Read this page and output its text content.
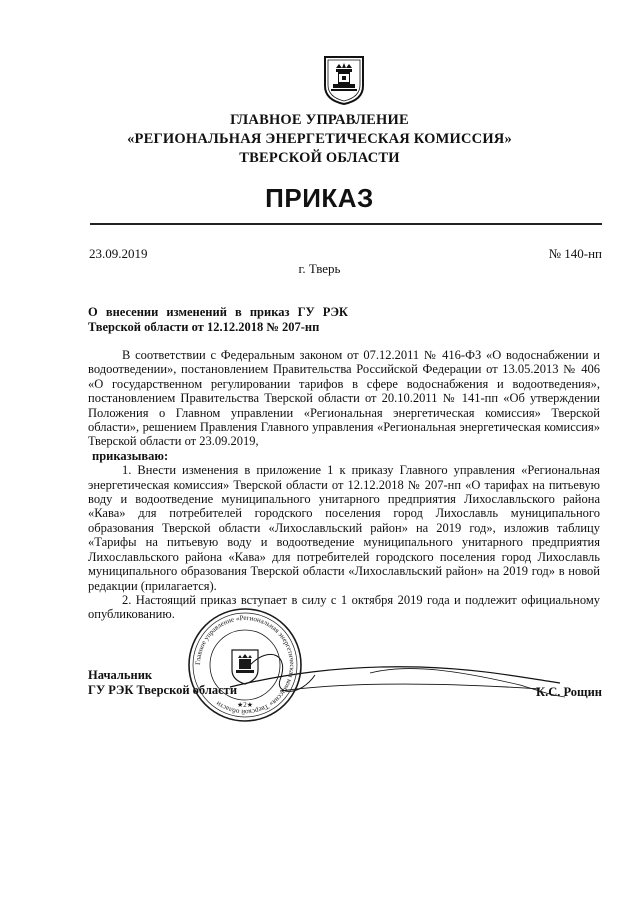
ГЛАВНОЕ УПРАВЛЕНИЕ
«РЕГИОНАЛЬНАЯ ЭНЕРГЕТИЧЕСКАЯ КОМИССИЯ»
ТВЕРСКОЙ ОБЛАСТИ
ПРИКАЗ
23.09.2019	№ 140-нп
г. Тверь
О внесении изменений в приказ ГУ РЭК
Тверской области от 12.12.2018 № 207-нп

В соответствии с Федеральным законом от 07.12.2011 № 416-ФЗ «О водоснабжении и водоотведении», постановлением Правительства Российской Федерации от 13.05.2013 № 406 «О государственном регулировании тарифов в сфере водоснабжения и водоотведения», постановлением Правительства Тверской области от 20.10.2011 № 141-пп «Об утверждении Положения о Главном управлении «Региональная энергетическая комиссия» Тверской области», решением Правления Главного управления «Региональная энергетическая комиссия» Тверской области от 23.09.2019,

приказываю:

1. Внести изменения в приложение 1 к приказу Главного управления «Региональная энергетическая комиссия» Тверской области от 12.12.2018 № 207-нп «О тарифах на питьевую воду и водоотведение муниципального унитарного предприятия Лихославльского района «Кава» для потребителей городского поселения город Лихославль муниципального образования Тверской области «Лихославльский район» на 2019 год», изложив таблицу «Тарифы на питьевую воду и водоотведение муниципального унитарного предприятия Лихославльского района «Кава» для потребителей городского поселения город Лихославль муниципального образования Тверской области «Лихославльский район» на 2019 год» в новой редакции (прилагается).

2. Настоящий приказ вступает в силу с 1 октября 2019 года и подлежит официальному опубликованию.

Начальник
ГУ РЭК Тверской области	К.С. Рощин
Главное управление «Региональная энергетическая комиссия» Тверской области	★2★
